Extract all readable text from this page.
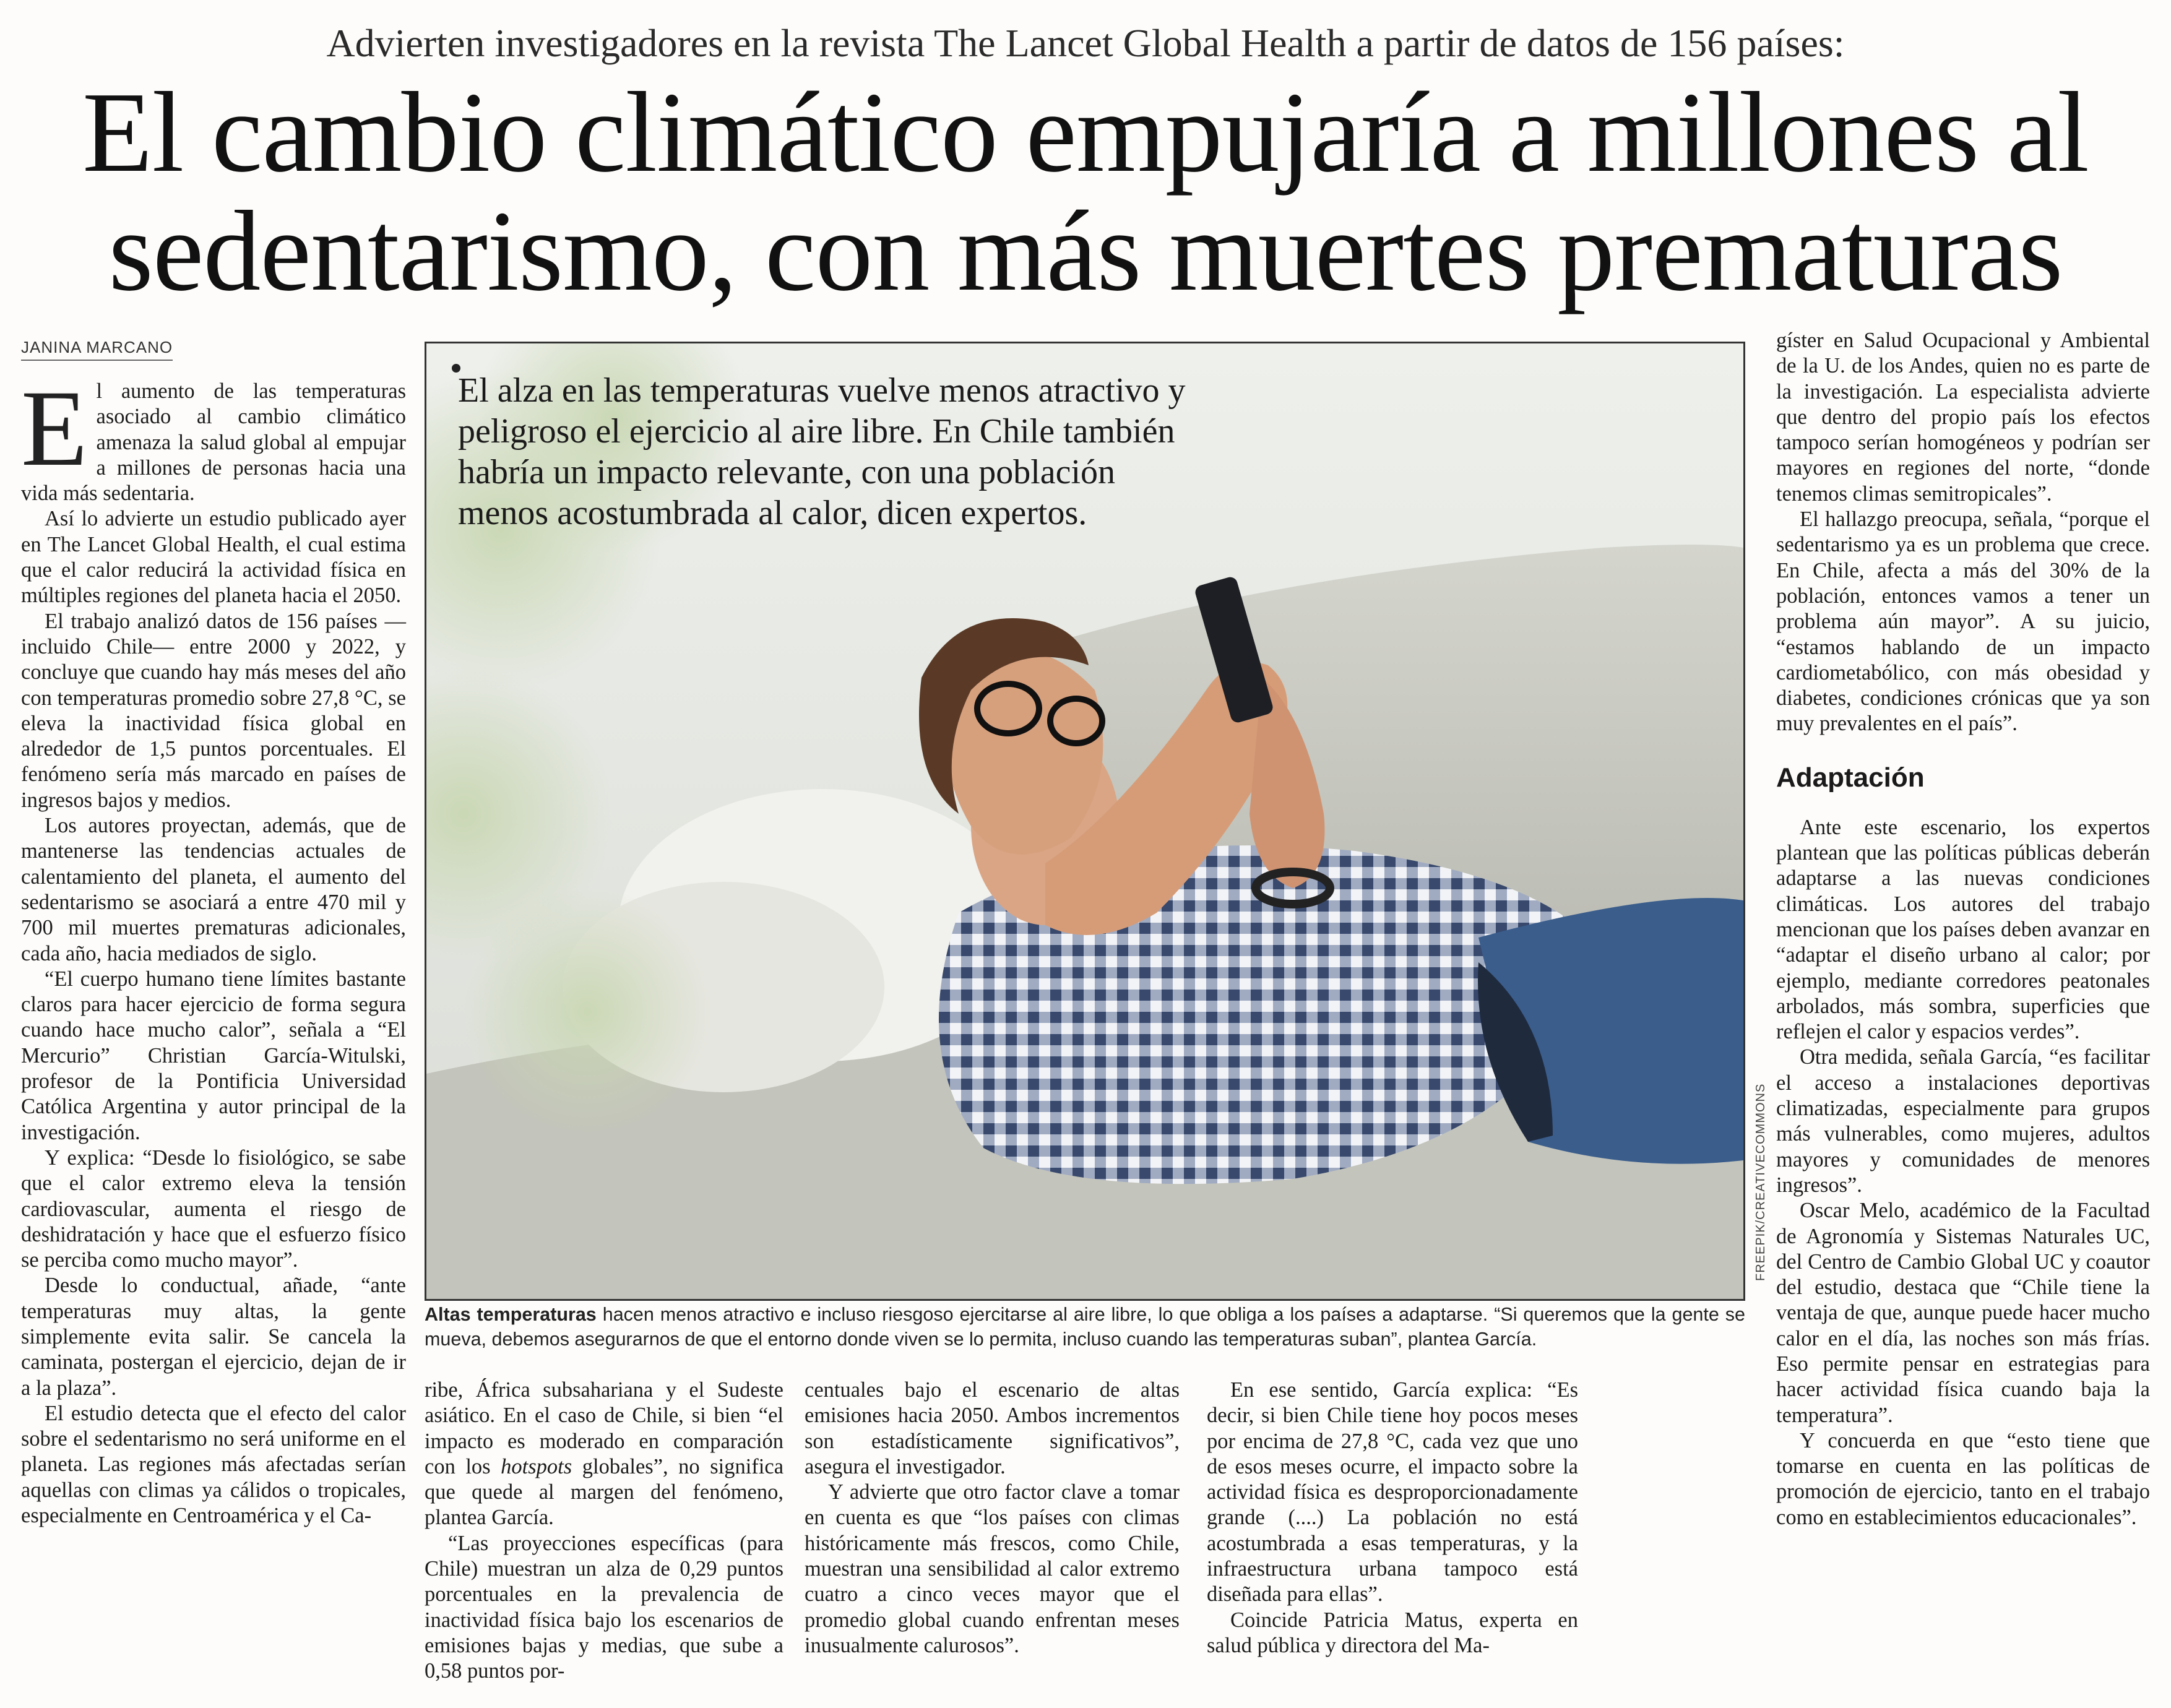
Advierten investigadores en la revista The Lancet Global Health a partir de datos de 156 países:
El cambio climático empujaría a millones al
sedentarismo, con más muertes prematuras
JANINA MARCANO

El aumento de las temperaturas asociado al cambio climático amenaza la salud global al empujar a millones de personas hacia una vida más sedentaria.

Así lo advierte un estudio publicado ayer en The Lancet Global Health, el cual estima que el calor reducirá la actividad física en múltiples regiones del planeta hacia el 2050.

El trabajo analizó datos de 156 países —incluido Chile— entre 2000 y 2022, y concluye que cuando hay más meses del año con temperaturas promedio sobre 27,8 °C, se eleva la inactividad física global en alrededor de 1,5 puntos porcentuales. El fenómeno sería más marcado en países de ingresos bajos y medios.

Los autores proyectan, además, que de mantenerse las tendencias actuales de calentamiento del planeta, el aumento del sedentarismo se asociará a entre 470 mil y 700 mil muertes prematuras adicionales, cada año, hacia mediados de siglo.

“El cuerpo humano tiene límites bastante claros para hacer ejercicio de forma segura cuando hace mucho calor”, señala a “El Mercurio” Christian García-Witulski, profesor de la Pontificia Universidad Católica Argentina y autor principal de la investigación.

Y explica: “Desde lo fisiológico, se sabe que el calor extremo eleva la tensión cardiovascular, aumenta el riesgo de deshidratación y hace que el esfuerzo físico se perciba como mucho mayor”.

Desde lo conductual, añade, “ante temperaturas muy altas, la gente simplemente evita salir. Se cancela la caminata, postergan el ejercicio, dejan de ir a la plaza”.

El estudio detecta que el efecto del calor sobre el sedentarismo no será uniforme en el planeta. Las regiones más afectadas serían aquellas con climas ya cálidos o tropicales, especialmente en Centroamérica y el Ca-

El alza en las temperaturas vuelve menos atractivo y peligroso el ejercicio al aire libre. En Chile también habría un impacto relevante, con una población menos acostumbrada al calor, dicen expertos.
FREEPIK/CREATIVECOMMONS
Altas temperaturas hacen menos atractivo e incluso riesgoso ejercitarse al aire libre, lo que obliga a los países a adaptarse. “Si queremos que la gente se mueva, debemos asegurarnos de que el entorno donde viven se lo permita, incluso cuando las temperaturas suban”, plantea García.

ribe, África subsahariana y el Sudeste asiático. En el caso de Chile, si bien “el impacto es moderado en comparación con los hotspots globales”, no significa que quede al margen del fenómeno, plantea García.

“Las proyecciones específicas (para Chile) muestran un alza de 0,29 puntos porcentuales en la prevalencia de inactividad física bajo los escenarios de emisiones bajas y medias, que sube a 0,58 puntos por-

centuales bajo el escenario de altas emisiones hacia 2050. Ambos incrementos son estadísticamente significativos”, asegura el investigador.

Y advierte que otro factor clave a tomar en cuenta es que “los países con climas históricamente más frescos, como Chile, muestran una sensibilidad al calor extremo cuatro a cinco veces mayor que el promedio global cuando enfrentan meses inusualmente calurosos”.

En ese sentido, García explica: “Es decir, si bien Chile tiene hoy pocos meses por encima de 27,8 °C, cada vez que uno de esos meses ocurre, el impacto sobre la actividad física es desproporcionadamente grande (....) La población no está acostumbrada a esas temperaturas, y la infraestructura urbana tampoco está diseñada para ellas”.

Coincide Patricia Matus, experta en salud pública y directora del Ma-

gíster en Salud Ocupacional y Ambiental de la U. de los Andes, quien no es parte de la investigación. La especialista advierte que dentro del propio país los efectos tampoco serían homogéneos y podrían ser mayores en regiones del norte, “donde tenemos climas semitropicales”.

El hallazgo preocupa, señala, “porque el sedentarismo ya es un problema que crece. En Chile, afecta a más del 30% de la población, entonces vamos a tener un problema aún mayor”. A su juicio, “estamos hablando de un impacto cardiometabólico, con más obesidad y diabetes, condiciones crónicas que ya son muy prevalentes en el país”.

Adaptación

Ante este escenario, los expertos plantean que las políticas públicas deberán adaptarse a las nuevas condiciones climáticas. Los autores del trabajo mencionan que los países deben avanzar en “adaptar el diseño urbano al calor; por ejemplo, mediante corredores peatonales arbolados, más sombra, superficies que reflejen el calor y espacios verdes”.

Otra medida, señala García, “es facilitar el acceso a instalaciones deportivas climatizadas, especialmente para grupos más vulnerables, como mujeres, adultos mayores y comunidades de menores ingresos”.

Oscar Melo, académico de la Facultad de Agronomía y Sistemas Naturales UC, del Centro de Cambio Global UC y coautor del estudio, destaca que “Chile tiene la ventaja de que, aunque puede hacer mucho calor en el día, las noches son más frías. Eso permite pensar en estrategias para hacer actividad física cuando baja la temperatura”.

Y concuerda en que “esto tiene que tomarse en cuenta en las políticas de promoción de ejercicio, tanto en el trabajo como en establecimientos educacionales”.
